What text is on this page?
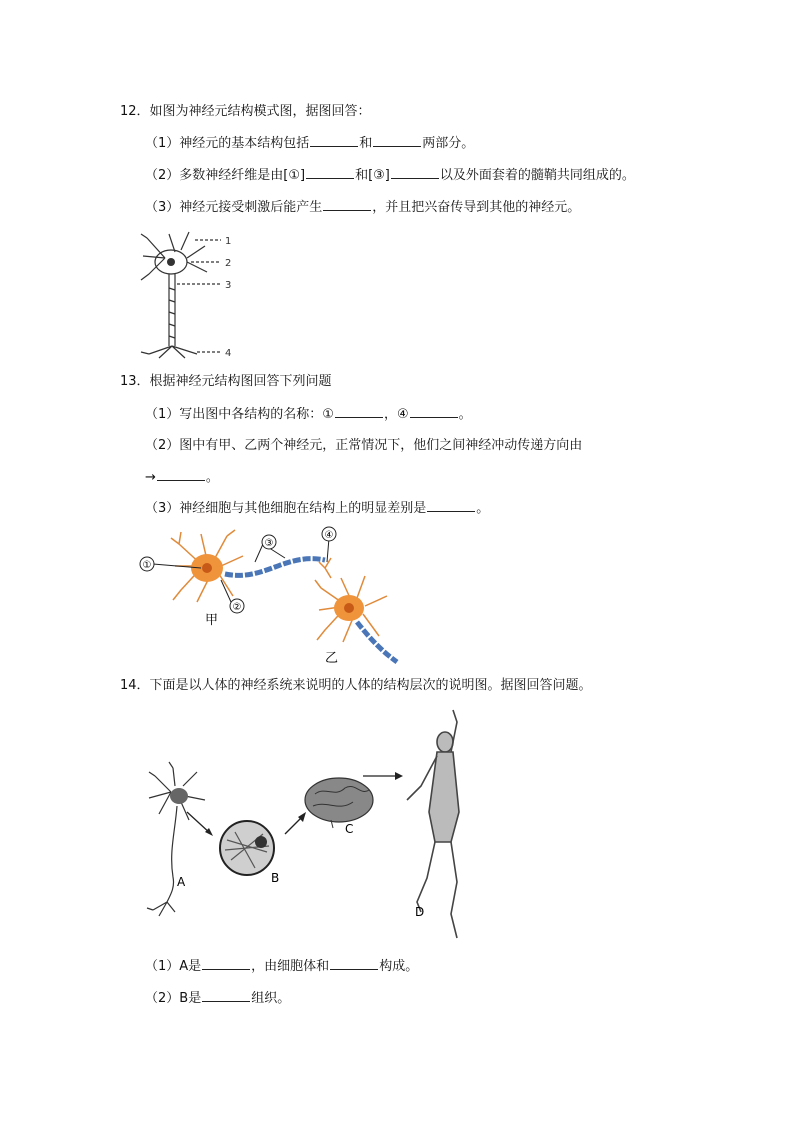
12．如图为神经元结构模式图，据图回答：
（1）神经元的基本结构包括	和	两部分。
（2）多数神经纤维是由[①]	和[③]	以及外面套着的髓鞘共同组成的。
（3）神经元接受刺激后能产生	，并且把兴奋传导到其他的神经元。
1
2
3
4
13．根据神经元结构图回答下列问题
（1）写出图中各结构的名称：①	，④	。
（2）图中有甲、乙两个神经元，正常情况下，他们之间神经冲动传递方向由
→	。
（3）神经细胞与其他细胞在结构上的明显差别是	。
①
②
③
④
甲
乙
14．下面是以人体的神经系统来说明的人体的结构层次的说明图。据图回答问题。
A	B
C
D
（1）A是	，由细胞体和	构成。
（2）B是	组织。
